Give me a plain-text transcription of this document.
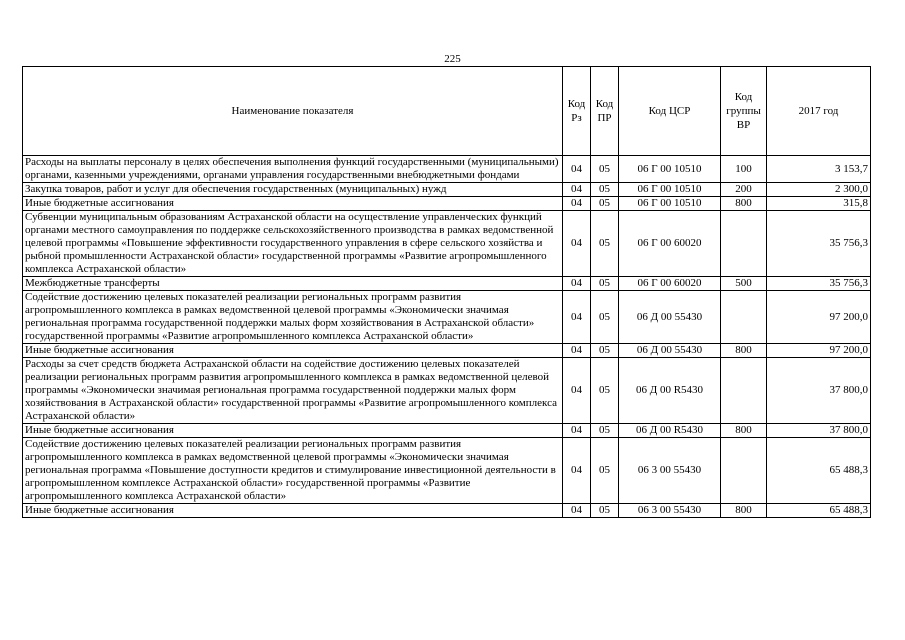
225
Наименование показателя	Код Рз	Код ПР	Код ЦСР	Код группы ВР	2017 год
Расходы на выплаты персоналу в целях обеспечения выполнения функций государственными (муниципальными) органами, казенными учреждениями, органами управления государственными внебюджетными фондами	04	05	06 Г 00 10510	100	3 153,7
Закупка товаров, работ и услуг для обеспечения государственных (муниципальных) нужд	04	05	06 Г 00 10510	200	2 300,0
Иные бюджетные ассигнования	04	05	06 Г 00 10510	800	315,8
Субвенции муниципальным образованиям Астраханской области на осуществление управленческих функций органами местного самоуправления по поддержке сельскохозяйственного производства в рамках ведомственной целевой программы «Повышение эффективности государственного управления в сфере сельского хозяйства и рыбной промышленности Астраханской области» государственной программы «Развитие агропромышленного комплекса Астраханской области»	04	05	06 Г 00 60020		35 756,3
Межбюджетные трансферты	04	05	06 Г 00 60020	500	35 756,3
Содействие достижению целевых показателей реализации региональных программ развития агропромышленного комплекса в рамках ведомственной целевой программы «Экономически значимая региональная программа государственной поддержки малых форм хозяйствования в Астраханской области» государственной программы «Развитие агропромышленного комплекса Астраханской области»	04	05	06 Д 00 55430		97 200,0
Иные бюджетные ассигнования	04	05	06 Д 00 55430	800	97 200,0
Расходы за счет средств бюджета Астраханской области на содействие достижению целевых показателей реализации региональных программ развития агропромышленного комплекса в рамках ведомственной целевой программы «Экономически значимая региональная программа государственной поддержки малых форм хозяйствования в Астраханской области» государственной программы «Развитие агропромышленного комплекса Астраханской области»	04	05	06 Д 00 R5430		37 800,0
Иные бюджетные ассигнования	04	05	06 Д 00 R5430	800	37 800,0
Содействие достижению целевых показателей реализации региональных программ развития агропромышленного комплекса в рамках ведомственной целевой программы «Экономически значимая региональная программа «Повышение доступности кредитов и стимулирование инвестиционной деятельности в агропромышленном комплексе Астраханской области» государственной программы «Развитие агропромышленного комплекса Астраханской области»	04	05	06 3 00 55430		65 488,3
Иные бюджетные ассигнования	04	05	06 3 00 55430	800	65 488,3
